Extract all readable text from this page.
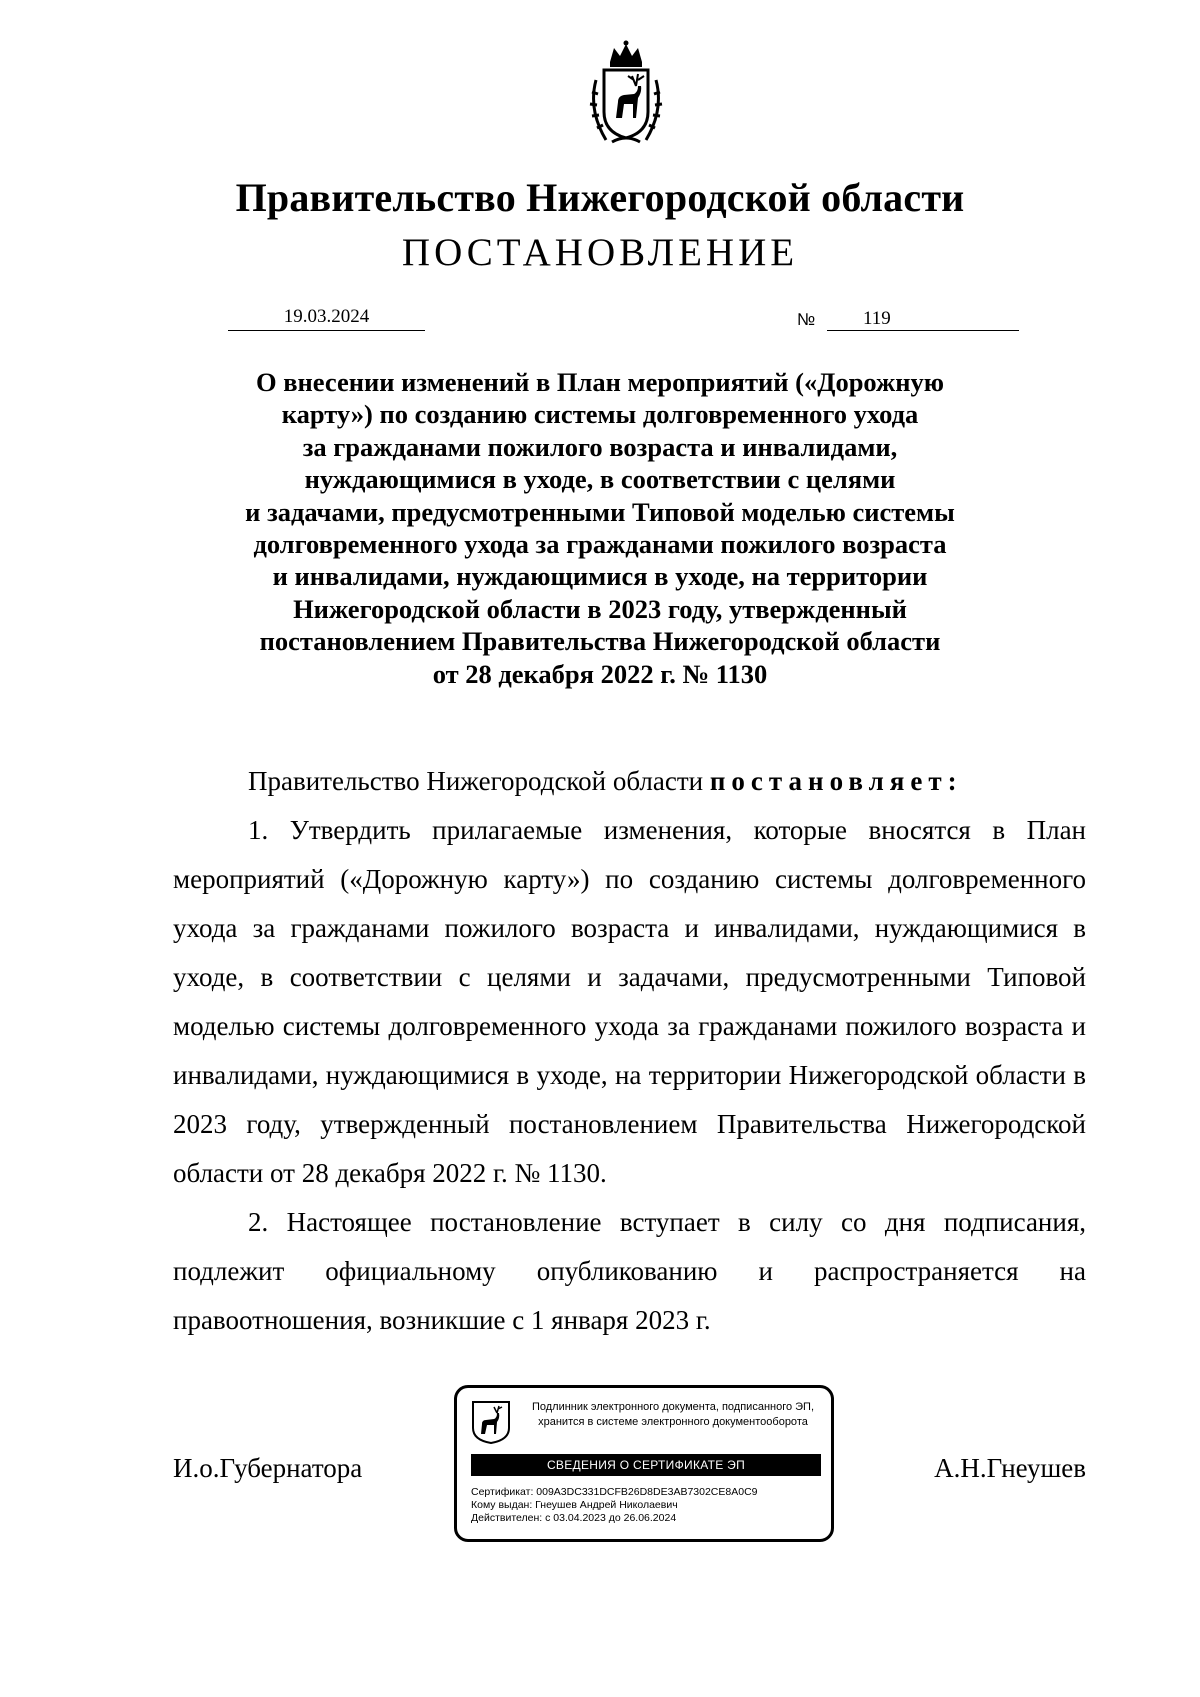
Правительство Нижегородской области
ПОСТАНОВЛЕНИЕ
19.03.2024	№	119
О внесении изменений в План мероприятий («Дорожную
карту») по созданию системы долговременного ухода
за гражданами пожилого возраста и инвалидами,
нуждающимися в уходе, в соответствии с целями
и задачами, предусмотренными Типовой моделью системы
долговременного ухода за гражданами пожилого возраста
и инвалидами, нуждающимися в уходе, на территории
Нижегородской области в 2023 году, утвержденный
постановлением Правительства Нижегородской области
от 28 декабря 2022 г. № 1130

Правительство Нижегородской области постановляет:

1. Утвердить прилагаемые изменения, которые вносятся в План мероприятий («Дорожную карту») по созданию системы долговременного ухода за гражданами пожилого возраста и инвалидами, нуждающимися в уходе, в соответствии с целями и задачами, предусмотренными Типовой моделью системы долговременного ухода за гражданами пожилого возраста и инвалидами, нуждающимися в уходе, на территории Нижегородской области в 2023 году, утвержденный постановлением Правительства Нижегородской области от 28 декабря 2022 г. № 1130.

2. Настоящее постановление вступает в силу со дня подписания, подлежит официальному опубликованию и распространяется на правоотношения, возникшие с 1 января 2023 г.

И.о.Губернатора	А.Н.Гнеушев
Подлинник электронного документа, подписанного ЭП,
хранится в системе электронного документооборота
СВЕДЕНИЯ О СЕРТИФИКАТЕ ЭП
Сертификат: 009A3DC331DCFB26D8DE3AB7302CE8A0C9
Кому выдан: Гнеушев Андрей Николаевич
Действителен: с 03.04.2023 до 26.06.2024
